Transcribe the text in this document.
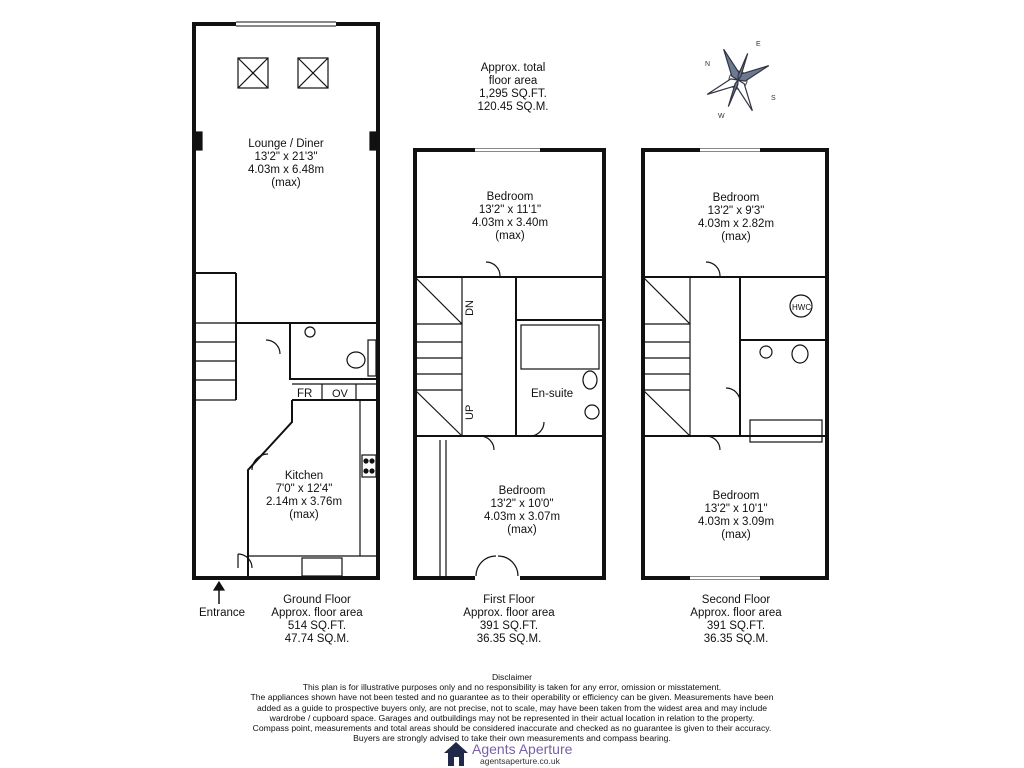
N
E
S
W
FR OV
HWC
DN
UP
Approx. total
floor area
1,295 SQ.FT.
120.45 SQ.M.
Lounge / Diner
13'2" x 21'3"
4.03m x 6.48m
(max)
Kitchen
7'0" x 12'4"
2.14m x 3.76m
(max)
Entrance
Bedroom
13'2" x 11'1"
4.03m x 3.40m
(max)
En-suite
Bedroom
13'2" x 10'0"
4.03m x 3.07m
(max)
Bedroom
13'2" x 9'3"
4.03m x 2.82m
(max)
Bedroom
13'2" x 10'1"
4.03m x 3.09m
(max)
Ground Floor
Approx. floor area
514 SQ.FT.
47.74 SQ.M.
First Floor
Approx. floor area
391 SQ.FT.
36.35 SQ.M.
Second Floor
Approx. floor area
391 SQ.FT.
36.35 SQ.M.
Disclaimer
This plan is for illustrative purposes only and no responsibility is taken for any error, omission or misstatement.
The appliances shown have not been tested and no guarantee as to their operability or efficiency can be given. Measurements have been
added as a guide to prospective buyers only, are not precise, not to scale, may have been taken from the widest area and may include
wardrobe / cupboard space. Garages and outbuildings may not be represented in their actual location in relation to the property.
Compass point, measurements and total areas should be considered inaccurate and checked as no guarantee is given to their accuracy.
Buyers are strongly advised to take their own measurements and compass bearing.
Agents Aperture
agentsaperture.co.uk
